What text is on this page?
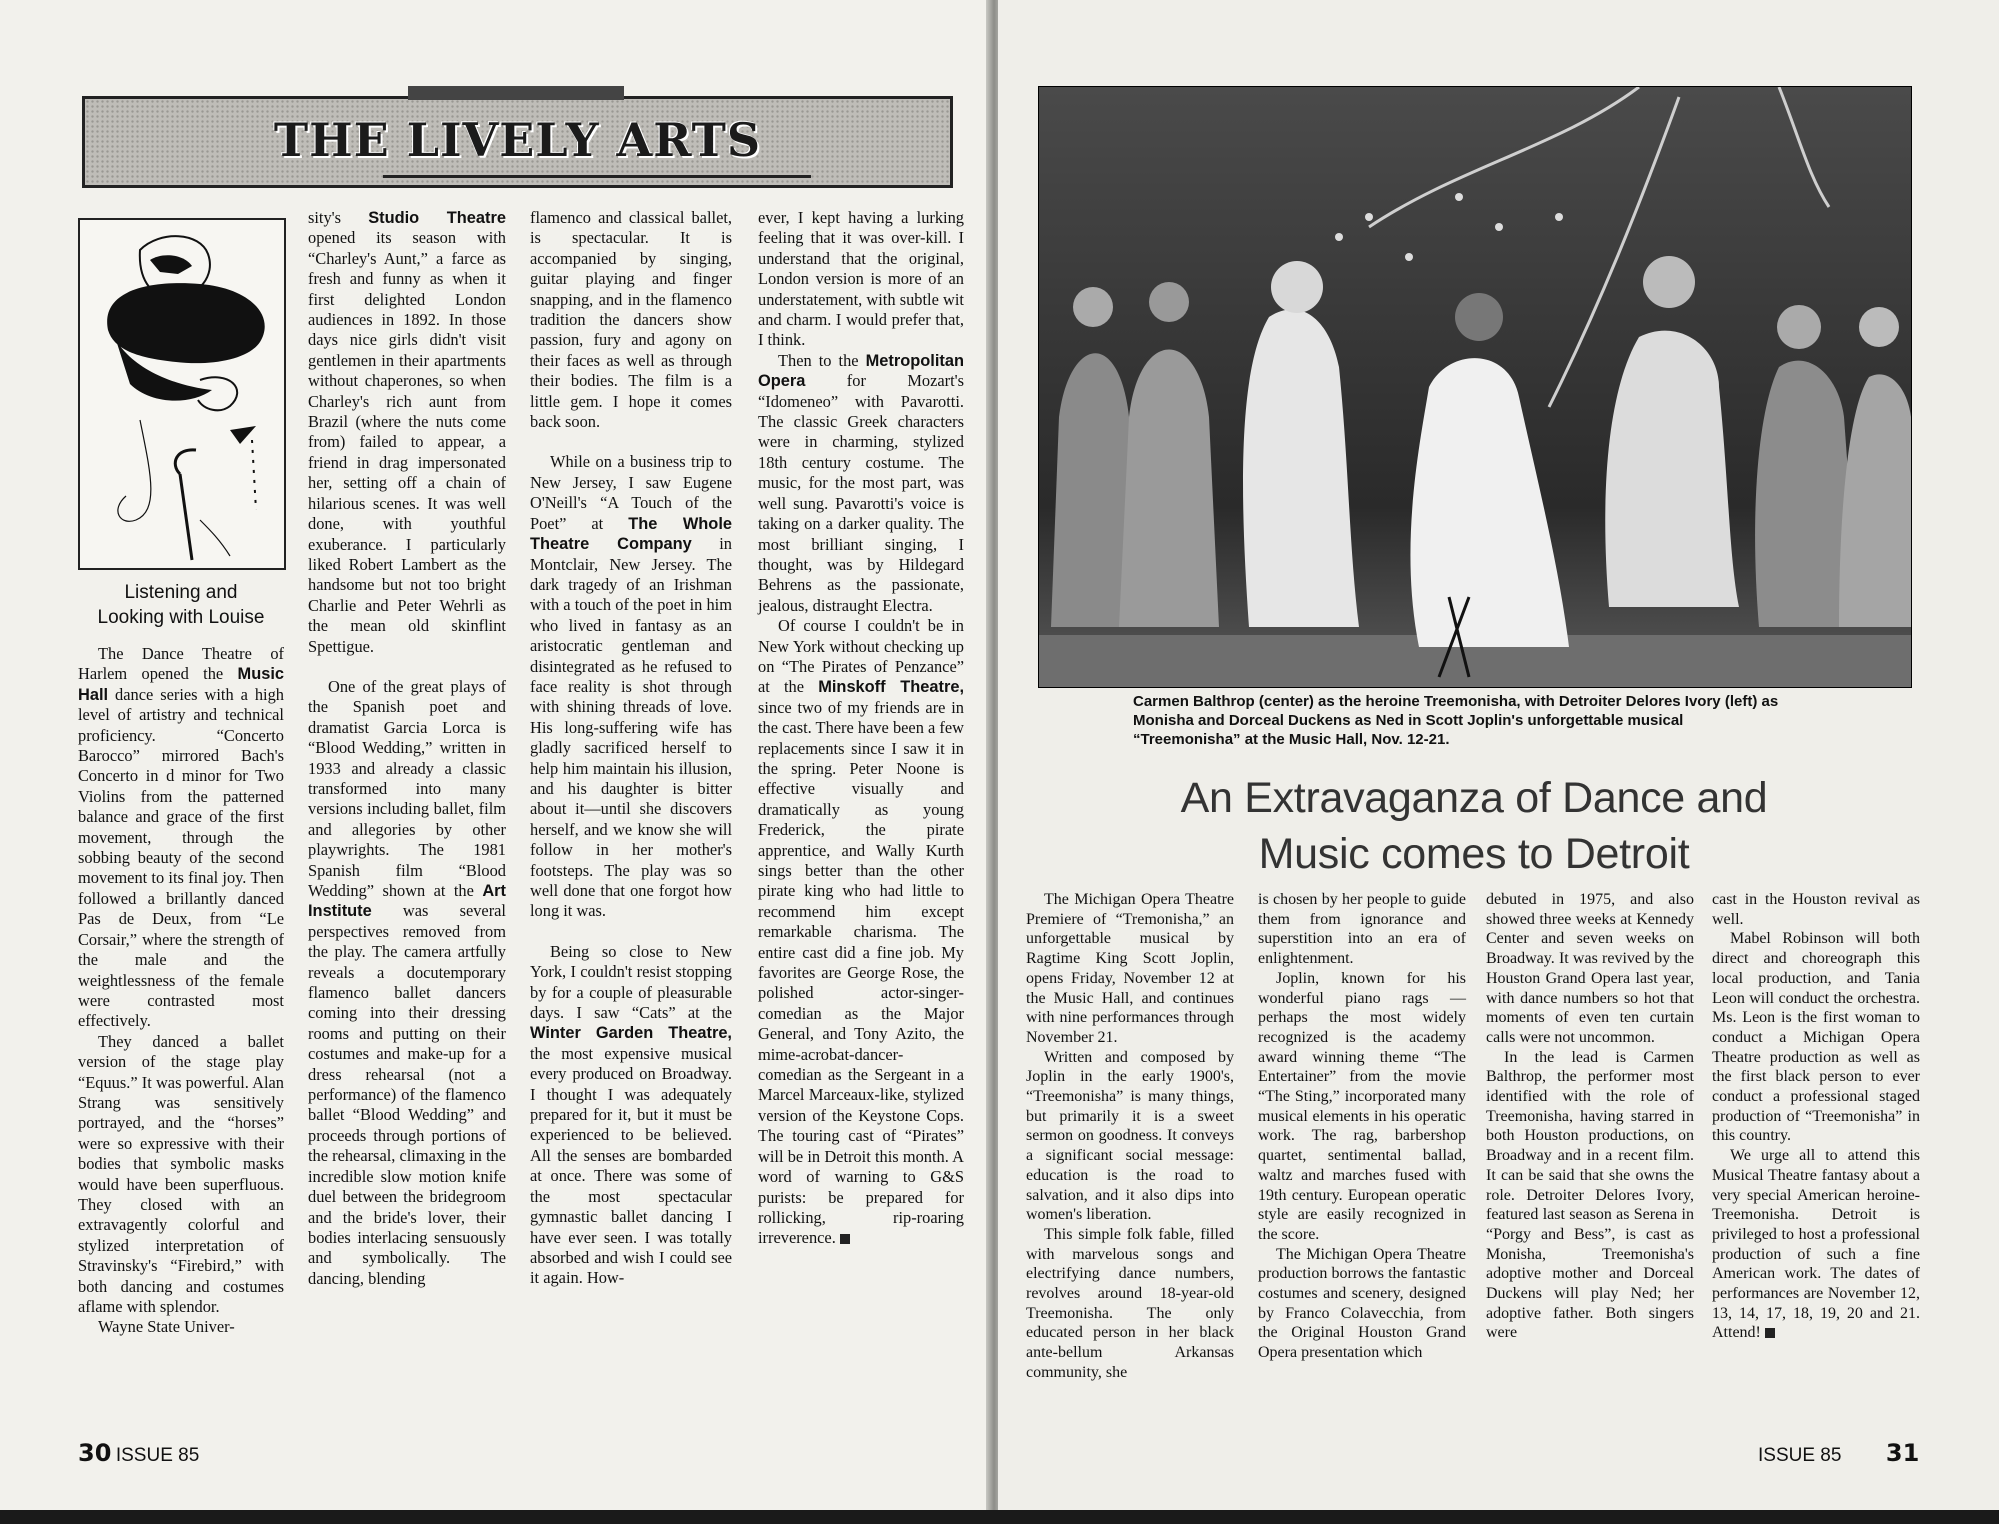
THE LIVELY ARTS
Listening and
Looking with Louise

The Dance Theatre of Harlem opened the Music Hall dance series with a high level of artistry and technical proficiency. “Concerto Barocco” mirrored Bach's Concerto in d minor for Two Violins from the patterned balance and grace of the first movement, through the sobbing beauty of the second movement to its final joy. Then followed a brillantly danced Pas de Deux, from “Le Corsair,” where the strength of the male and the weightlessness of the female were contrasted most effectively.

They danced a ballet version of the stage play “Equus.” It was powerful. Alan Strang was sensitively portrayed, and the “horses” were so expressive with their bodies that symbolic masks would have been superfluous. They closed with an extravagently colorful and stylized interpretation of Stravinsky's “Firebird,” with both dancing and costumes aflame with splendor.

Wayne State Univer-

sity's Studio Theatre opened its season with “Charley's Aunt,” a farce as fresh and funny as when it first delighted London audiences in 1892. In those days nice girls didn't visit gentlemen in their apartments without chaperones, so when Charley's rich aunt from Brazil (where the nuts come from) failed to appear, a friend in drag impersonated her, setting off a chain of hilarious scenes. It was well done, with youthful exuberance. I particularly liked Robert Lambert as the handsome but not too bright Charlie and Peter Wehrli as the mean old skinflint Spettigue.

One of the great plays of the Spanish poet and dramatist Garcia Lorca is “Blood Wedding,” written in 1933 and already a classic transformed into many versions including ballet, film and allegories by other playwrights. The 1981 Spanish film “Blood Wedding” shown at the Art Institute was several perspectives removed from the play. The camera artfully reveals a docutemporary flamenco ballet dancers coming into their dressing rooms and putting on their costumes and make-up for a dress rehearsal (not a performance) of the flamenco ballet “Blood Wedding” and proceeds through portions of the rehearsal, climaxing in the incredible slow motion knife duel between the bridegroom and the bride's lover, their bodies interlacing sensuously and symbolically. The dancing, blending

flamenco and classical ballet, is spectacular. It is accompanied by singing, guitar playing and finger snapping, and in the flamenco tradition the dancers show passion, fury and agony on their faces as well as through their bodies. The film is a little gem. I hope it comes back soon.

While on a business trip to New Jersey, I saw Eugene O'Neill's “A Touch of the Poet” at The Whole Theatre Company in Montclair, New Jersey. The dark tragedy of an Irishman with a touch of the poet in him who lived in fantasy as an aristocratic gentleman and disintegrated as he refused to face reality is shot through with shining threads of love. His long-suffering wife has gladly sacrificed herself to help him maintain his illusion, and his daughter is bitter about it—until she discovers herself, and we know she will follow in her mother's footsteps. The play was so well done that one forgot how long it was.

Being so close to New York, I couldn't resist stopping by for a couple of pleasurable days. I saw “Cats” at the Winter Garden Theatre, the most expensive musical every produced on Broadway. I thought I was adequately prepared for it, but it must be experienced to be believed. All the senses are bombarded at once. There was some of the most spectacular gymnastic ballet dancing I have ever seen. I was totally absorbed and wish I could see it again. How-

ever, I kept having a lurking feeling that it was over-kill. I understand that the original, London version is more of an understatement, with subtle wit and charm. I would prefer that, I think.

Then to the Metropolitan Opera for Mozart's “Idomeneo” with Pavarotti. The classic Greek characters were in charming, stylized 18th century costume. The music, for the most part, was well sung. Pavarotti's voice is taking on a darker quality. The most brilliant singing, I thought, was by Hildegard Behrens as the passionate, jealous, distraught Electra.

Of course I couldn't be in New York without checking up on “The Pirates of Penzance” at the Minskoff Theatre, since two of my friends are in the cast. There have been a few replacements since I saw it in the spring. Peter Noone is effective visually and dramatically as young Frederick, the pirate apprentice, and Wally Kurth sings better than the other pirate king who had little to recommend him except remarkable charisma. The entire cast did a fine job. My favorites are George Rose, the polished actor-singer-comedian as the Major General, and Tony Azito, the mime-acrobat-dancer-comedian as the Sergeant in a Marcel Marceaux-like, stylized version of the Keystone Cops. The touring cast of “Pirates” will be in Detroit this month. A word of warning to G&S purists: be prepared for rollicking, rip-roaring irreverence.

30 ISSUE 85
Carmen Balthrop (center) as the heroine Treemonisha, with Detroiter Delores Ivory (left) as Monisha and Dorceal Duckens as Ned in Scott Joplin's unforgettable musical “Treemonisha” at the Music Hall, Nov. 12-21.
An Extravaganza of Dance and
Music comes to Detroit

The Michigan Opera Theatre Premiere of “Tremonisha,” an unforgettable musical by Ragtime King Scott Joplin, opens Friday, November 12 at the Music Hall, and continues with nine performances through November 21.

Written and composed by Joplin in the early 1900's, “Treemonisha” is many things, but primarily it is a sweet sermon on goodness. It conveys a significant social message: education is the road to salvation, and it also dips into women's liberation.

This simple folk fable, filled with marvelous songs and electrifying dance numbers, revolves around 18-year-old Treemonisha. The only educated person in her black ante-bellum Arkansas community, she

is chosen by her people to guide them from ignorance and superstition into an era of enlightenment.

Joplin, known for his wonderful piano rags — perhaps the most widely recognized is the academy award winning theme “The Entertainer” from the movie “The Sting,” incorporated many musical elements in his operatic work. The rag, barbershop quartet, sentimental ballad, waltz and marches fused with 19th century. European operatic style are easily recognized in the score.

The Michigan Opera Theatre production borrows the fantastic costumes and scenery, designed by Franco Colavecchia, from the Original Houston Grand Opera presentation which

debuted in 1975, and also showed three weeks at Kennedy Center and seven weeks on Broadway. It was revived by the Houston Grand Opera last year, with dance numbers so hot that moments of even ten curtain calls were not uncommon.

In the lead is Carmen Balthrop, the performer most identified with the role of Treemonisha, having starred in both Houston productions, on Broadway and in a recent film. It can be said that she owns the role. Detroiter Delores Ivory, featured last season as Serena in “Porgy and Bess”, is cast as Monisha, Treemonisha's adoptive mother and Dorceal Duckens will play Ned; her adoptive father. Both singers were

cast in the Houston revival as well.

Mabel Robinson will both direct and choreograph this local production, and Tania Leon will conduct the orchestra. Ms. Leon is the first woman to conduct a Michigan Opera Theatre production as well as the first black person to ever conduct a professional staged production of “Treemonisha” in this country.

We urge all to attend this Musical Theatre fantasy about a very special American heroine-Treemonisha. Detroit is privileged to host a professional production of such a fine American work. The dates of performances are November 12, 13, 14, 17, 18, 19, 20 and 21. Attend!

ISSUE 85 31
